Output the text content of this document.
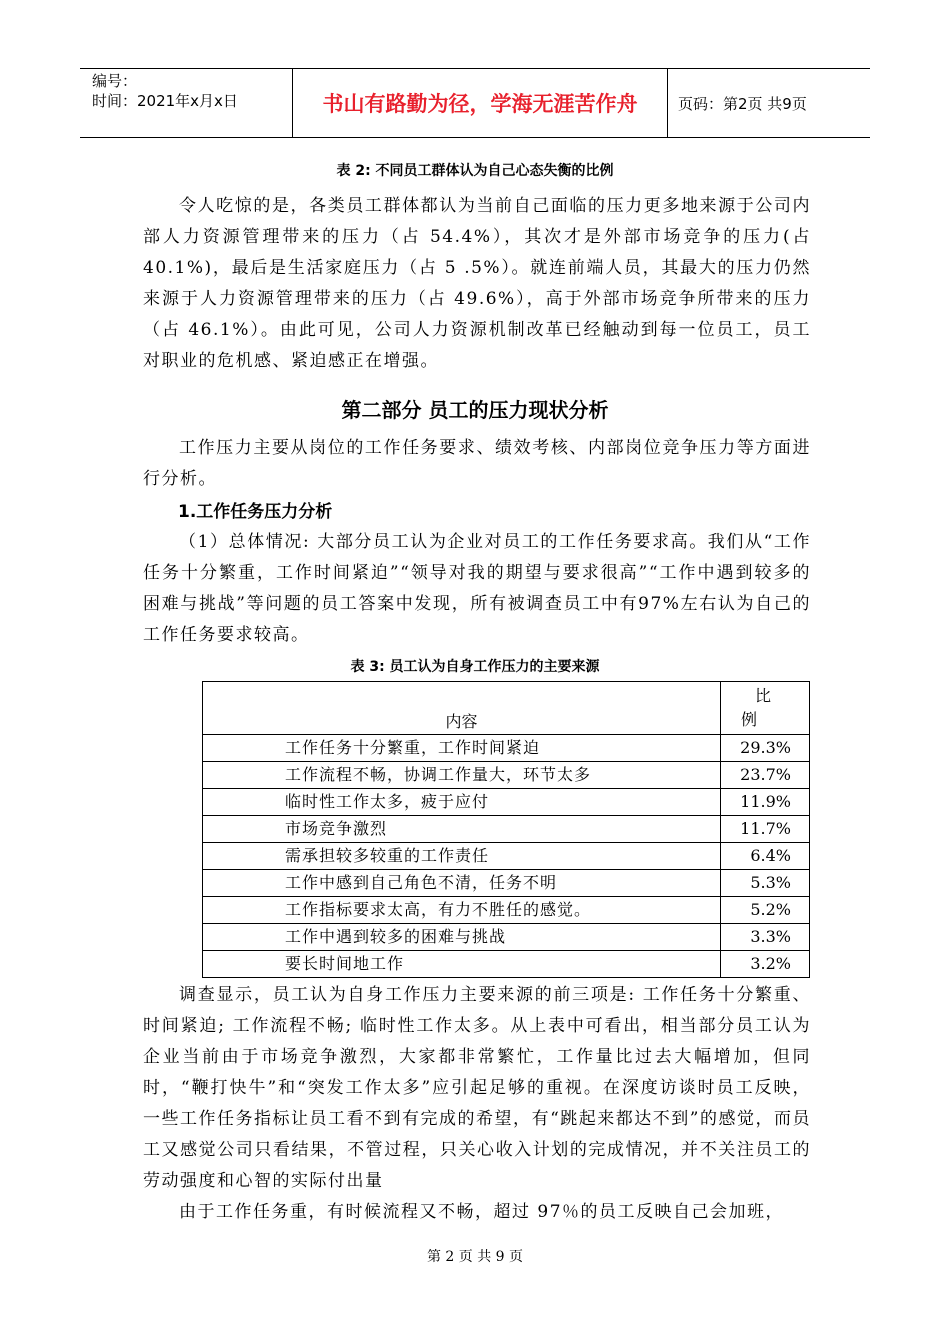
编号：
时间：2021年x月x日	书山有路勤为径，学海无涯苦作舟	页码：第2页 共9页
表 2: 不同员工群体认为自己心态失衡的比例

令人吃惊的是，各类员工群体都认为当前自己面临的压力更多地来源于公司内部人力资源管理带来的压力（占 54.4%），其次才是外部市场竞争的压力(占 40.1%)，最后是生活家庭压力（占 5 .5%）。就连前端人员，其最大的压力仍然来源于人力资源管理带来的压力（占 49.6%），高于外部市场竞争所带来的压力（占 46.1%）。由此可见，公司人力资源机制改革已经触动到每一位员工，员工对职业的危机感、紧迫感正在增强。

第二部分 员工的压力现状分析

工作压力主要从岗位的工作任务要求、绩效考核、内部岗位竞争压力等方面进行分析。

1.工作任务压力分析

（1）总体情况: 大部分员工认为企业对员工的工作任务要求高。我们从“工作任务十分繁重，工作时间紧迫”“领导对我的期望与要求很高”“工作中遇到较多的困难与挑战”等问题的员工答案中发现，所有被调查员工中有97%左右认为自己的工作任务要求较高。

表 3: 员工认为自身工作压力的主要来源
内容	比
例

工作任务十分繁重，工作时间紧迫	29.3%
工作流程不畅，协调工作量大，环节太多	23.7%
临时性工作太多，疲于应付	11.9%
市场竞争激烈	11.7%
需承担较多较重的工作责任	6.4%
工作中感到自己角色不清，任务不明	5.3%
工作指标要求太高，有力不胜任的感觉。	5.2%
工作中遇到较多的困难与挑战	3.3%
要长时间地工作	3.2%

调查显示，员工认为自身工作压力主要来源的前三项是: 工作任务十分繁重、时间紧迫; 工作流程不畅; 临时性工作太多。从上表中可看出，相当部分员工认为企业当前由于市场竞争激烈，大家都非常繁忙，工作量比过去大幅增加，但同时，“鞭打快牛”和“突发工作太多”应引起足够的重视。在深度访谈时员工反映，一些工作任务指标让员工看不到有完成的希望，有“跳起来都达不到”的感觉，而员工又感觉公司只看结果，不管过程，只关心收入计划的完成情况，并不关注员工的劳动强度和心智的实际付出量

由于工作任务重，有时候流程又不畅，超过 97％的员工反映自己会加班，

第 2 页 共 9 页
